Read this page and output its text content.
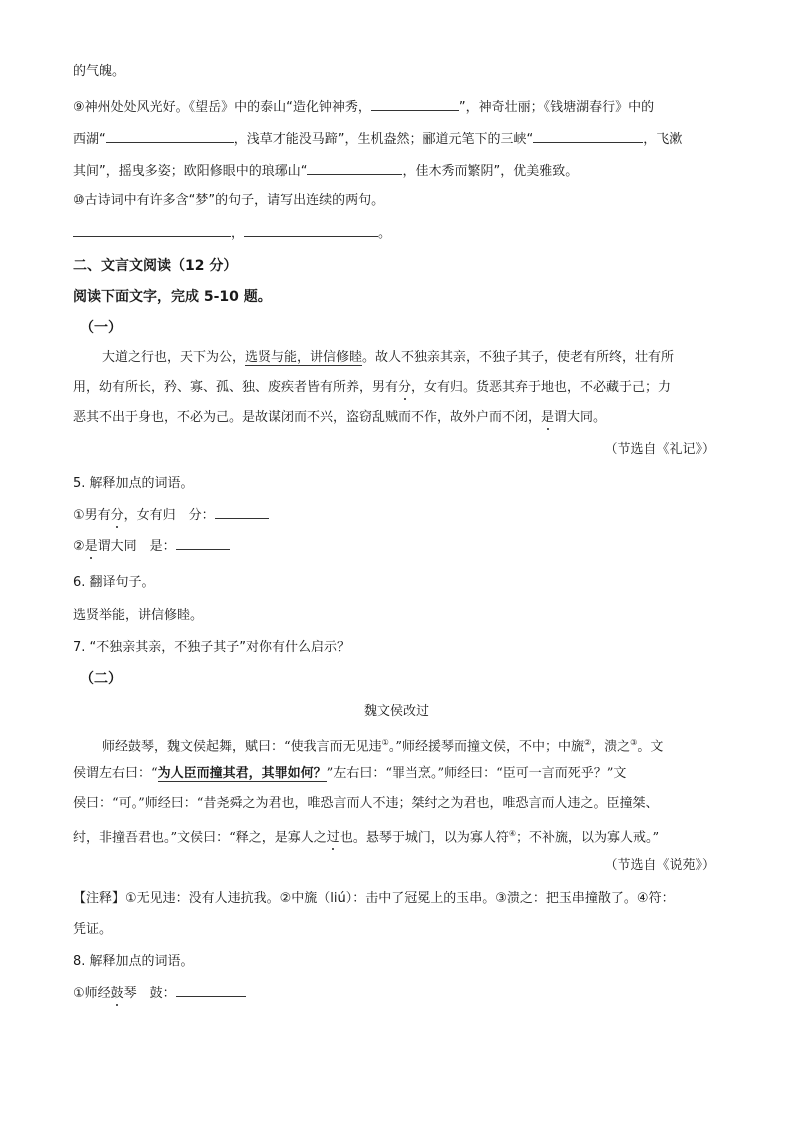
的气魄。
⑨神州处处风光好。《望岳》中的泰山“造化钟神秀，	”，神奇壮丽；《钱塘湖春行》中的
西湖“	，浅草才能没马蹄”，生机盎然；郦道元笔下的三峡“	，飞漱
其间”，摇曳多姿；欧阳修眼中的琅琊山“	，佳木秀而繁阴”，优美雅致。
⑩古诗词中有许多含“梦”的句子，请写出连续的两句。
，	。
二、文言文阅读（12 分）
阅读下面文字，完成 5-10 题。
（一）
大道之行也，天下为公，选贤与能，讲信修睦。故人不独亲其亲，不独子其子，使老有所终，壮有所
用，幼有所长，矜、寡、孤、独、废疾者皆有所养，男有分，女有归。货恶其弃于地也，不必藏于己；力
恶其不出于身也，不必为己。是故谋闭而不兴，盗窃乱贼而不作，故外户而不闭，是谓大同。
（节选自《礼记》）
5. 解释加点的词语。
①男有分，女有归　分：
②是谓大同　是：
6. 翻译句子。
选贤举能，讲信修睦。
7. “不独亲其亲，不独子其子”对你有什么启示？
（二）
魏文侯改过
师经鼓琴，魏文侯起舞，赋曰：“使我言而无见违①。”师经援琴而撞文侯，不中；中旒②，溃之③。文
侯谓左右曰：“为人臣而撞其君，其罪如何？”左右曰：“罪当烹。”师经曰：“臣可一言而死乎？”文
侯曰：“可。”师经曰：“昔尧舜之为君也，唯恐言而人不违；桀纣之为君也，唯恐言而人违之。臣撞桀、
纣，非撞吾君也。”文侯曰：“释之，是寡人之过也。悬琴于城门，以为寡人符④；不补旒，以为寡人戒。”
（节选自《说苑》）
【注释】①无见违：没有人违抗我。②中旒（liú）：击中了冠冕上的玉串。③溃之：把玉串撞散了。④符：
凭证。
8. 解释加点的词语。
①师经鼓琴　鼓：
